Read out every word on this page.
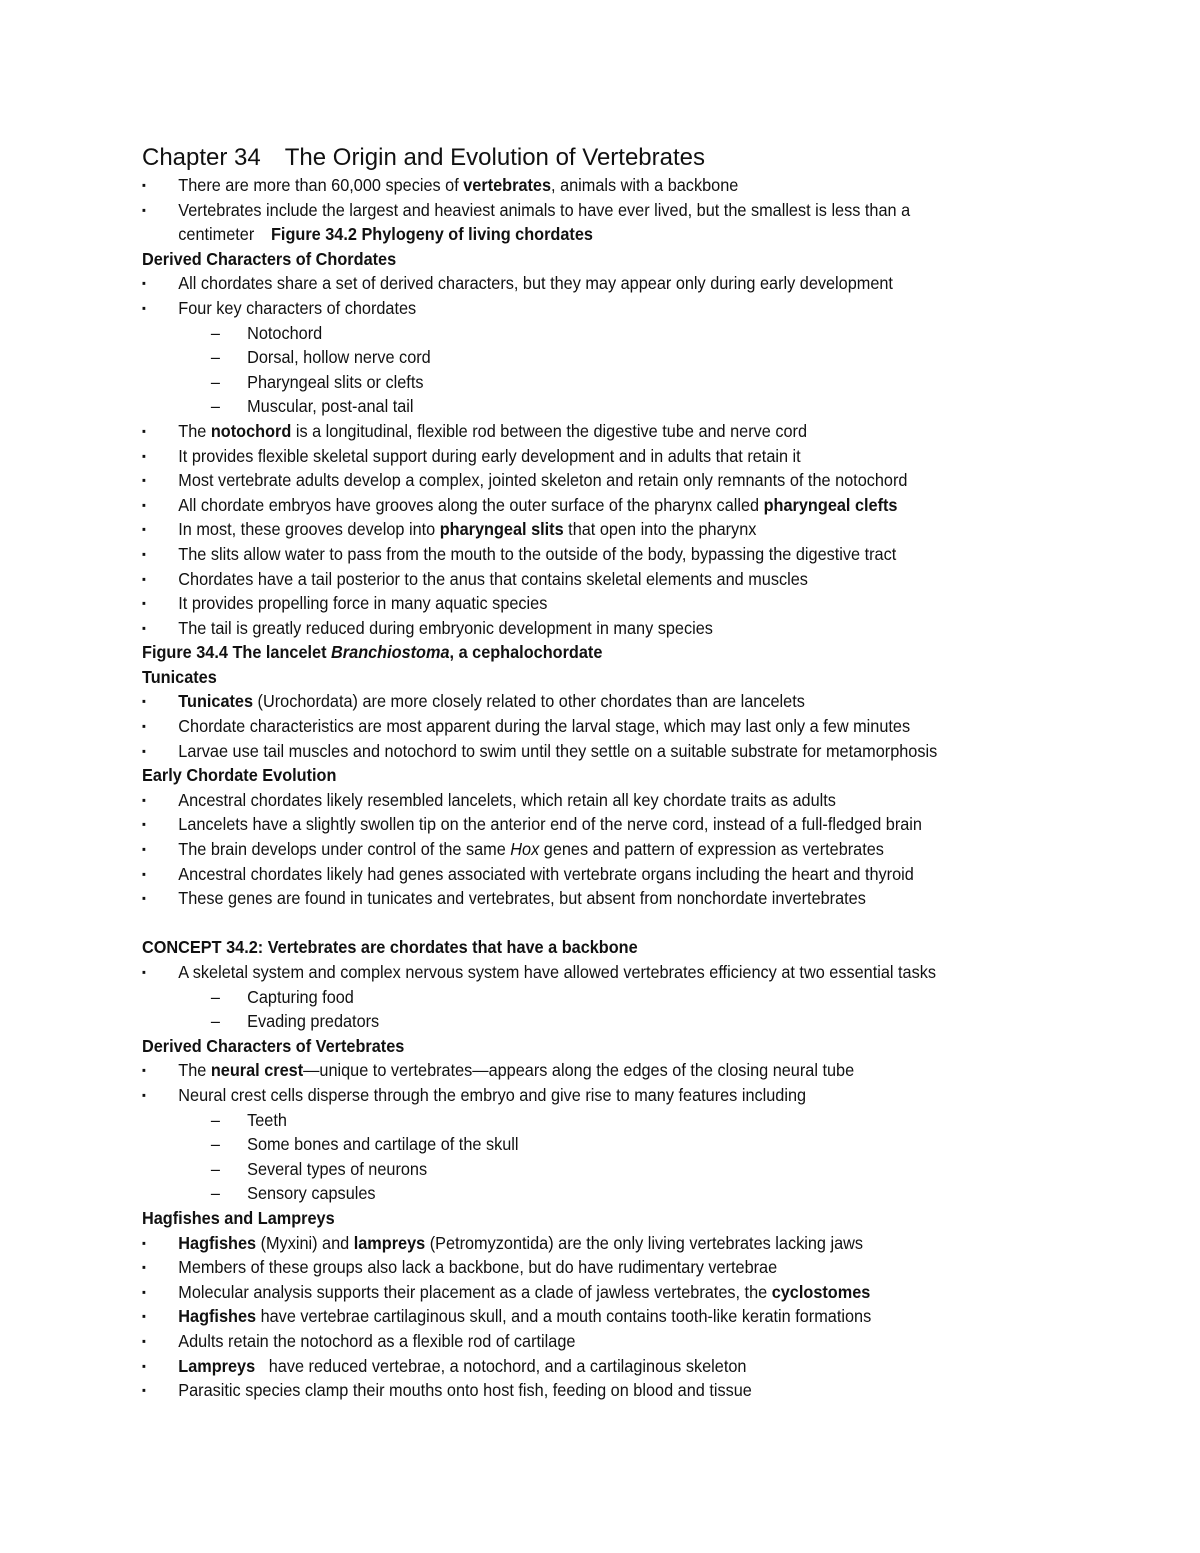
Chapter 34 The Origin and Evolution of Vertebrates
▪	There are more than 60,000 species of vertebrates, animals with a backbone
▪	Vertebrates include the largest and heaviest animals to have ever lived, but the smallest is less than a
centimeter Figure 34.2 Phylogeny of living chordates
Derived Characters of Chordates
▪	All chordates share a set of derived characters, but they may appear only during early development
▪	Four key characters of chordates
– Notochord
– Dorsal, hollow nerve cord
– Pharyngeal slits or clefts
– Muscular, post-anal tail
▪	The notochord is a longitudinal, flexible rod between the digestive tube and nerve cord
▪	It provides flexible skeletal support during early development and in adults that retain it
▪	Most vertebrate adults develop a complex, jointed skeleton and retain only remnants of the notochord
▪	All chordate embryos have grooves along the outer surface of the pharynx called pharyngeal clefts
▪	In most, these grooves develop into pharyngeal slits that open into the pharynx
▪	The slits allow water to pass from the mouth to the outside of the body, bypassing the digestive tract
▪	Chordates have a tail posterior to the anus that contains skeletal elements and muscles
▪	It provides propelling force in many aquatic species
▪	The tail is greatly reduced during embryonic development in many species
Figure 34.4 The lancelet Branchiostoma, a cephalochordate
Tunicates
▪	Tunicates (Urochordata) are more closely related to other chordates than are lancelets
▪	Chordate characteristics are most apparent during the larval stage, which may last only a few minutes
▪	Larvae use tail muscles and notochord to swim until they settle on a suitable substrate for metamorphosis
Early Chordate Evolution
▪	Ancestral chordates likely resembled lancelets, which retain all key chordate traits as adults
▪	Lancelets have a slightly swollen tip on the anterior end of the nerve cord, instead of a full-fledged brain
▪	The brain develops under control of the same Hox genes and pattern of expression as vertebrates
▪	Ancestral chordates likely had genes associated with vertebrate organs including the heart and thyroid
▪	These genes are found in tunicates and vertebrates, but absent from nonchordate invertebrates
CONCEPT 34.2: Vertebrates are chordates that have a backbone
▪	A skeletal system and complex nervous system have allowed vertebrates efficiency at two essential tasks
– Capturing food
– Evading predators
Derived Characters of Vertebrates
▪	The neural crest—unique to vertebrates—appears along the edges of the closing neural tube
▪	Neural crest cells disperse through the embryo and give rise to many features including
– Teeth
– Some bones and cartilage of the skull
– Several types of neurons
– Sensory capsules
Hagfishes and Lampreys
▪	Hagfishes (Myxini) and lampreys (Petromyzontida) are the only living vertebrates lacking jaws
▪	Members of these groups also lack a backbone, but do have rudimentary vertebrae
▪	Molecular analysis supports their placement as a clade of jawless vertebrates, the cyclostomes
▪	Hagfishes have vertebrae cartilaginous skull, and a mouth contains tooth-like keratin formations
▪	Adults retain the notochord as a flexible rod of cartilage
▪	Lampreys   have reduced vertebrae, a notochord, and a cartilaginous skeleton
▪	Parasitic species clamp their mouths onto host fish, feeding on blood and tissue
